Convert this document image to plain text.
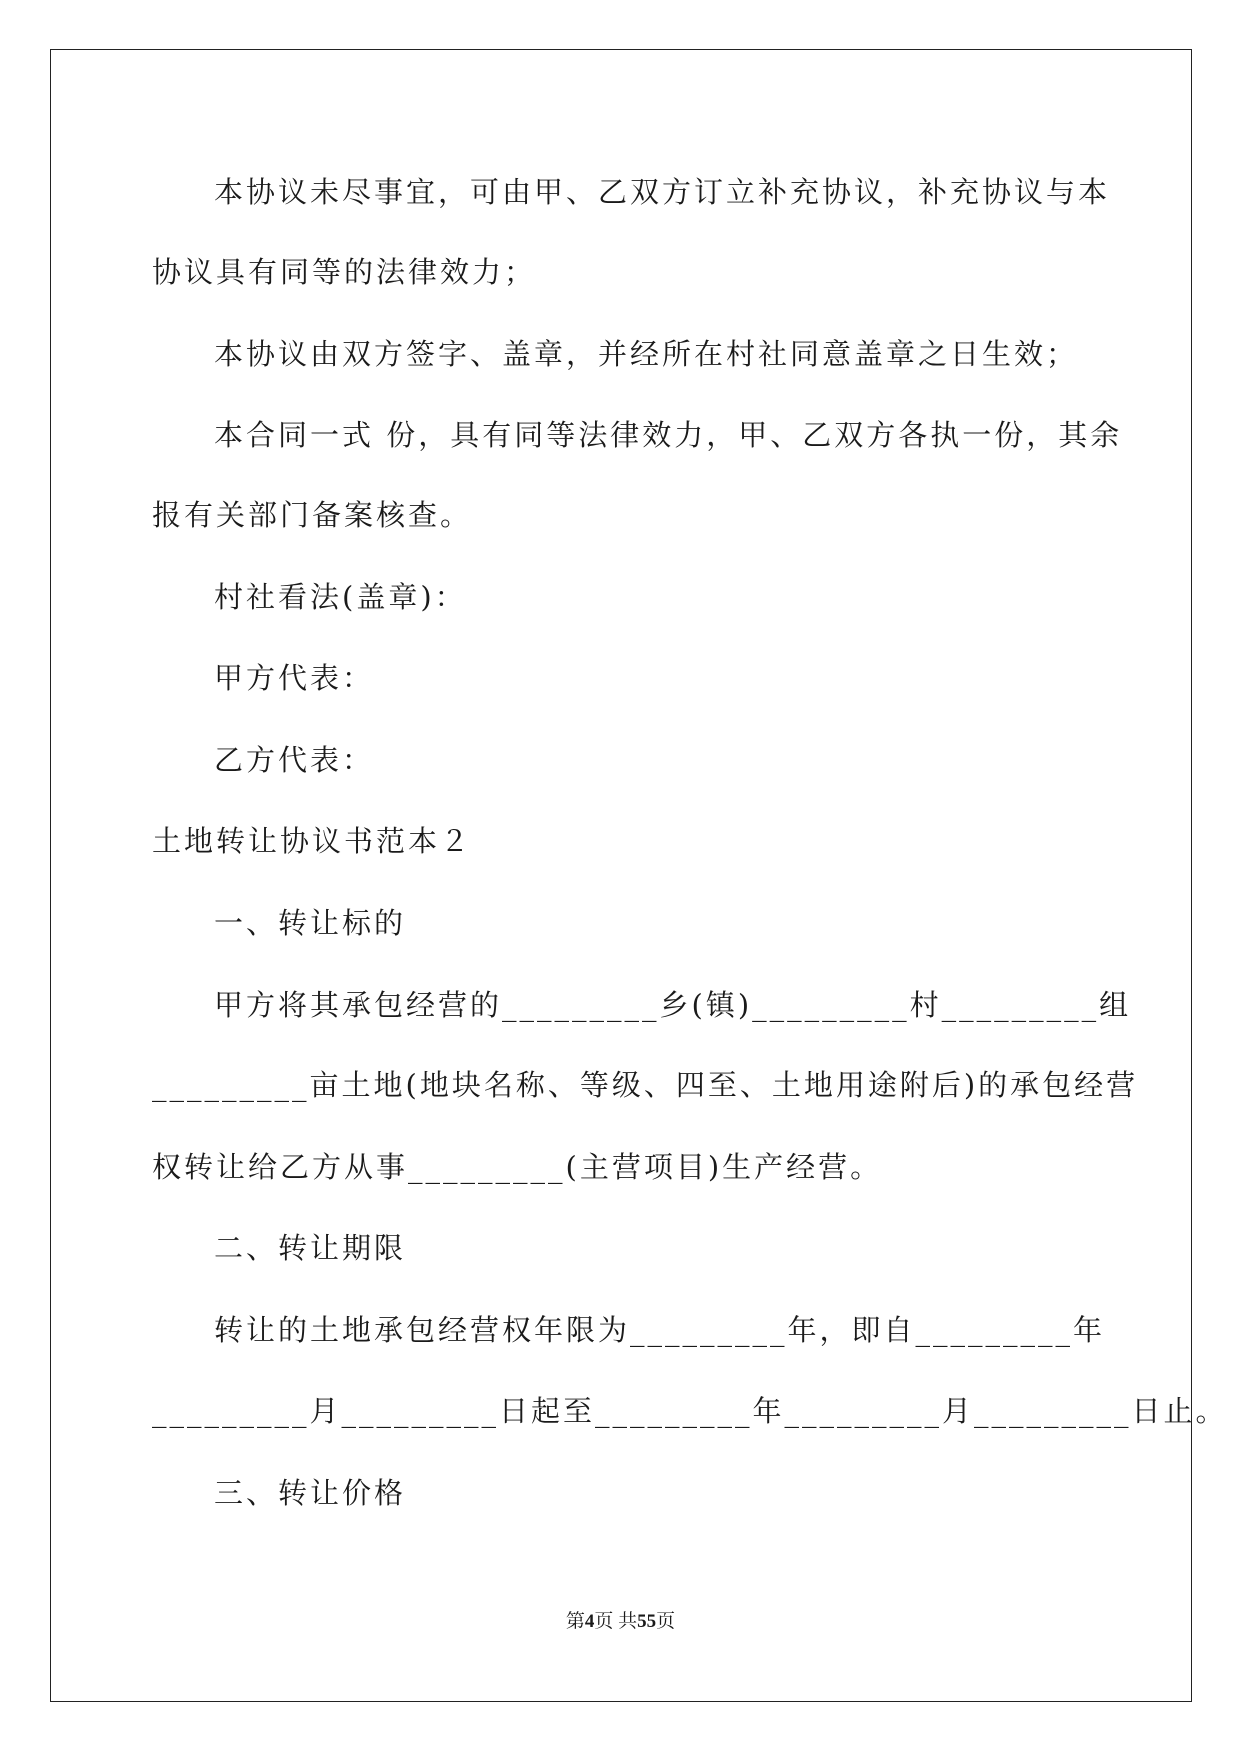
本协议未尽事宜，可由甲、乙双方订立补充协议，补充协议与本
协议具有同等的法律效力；
本协议由双方签字、盖章，并经所在村社同意盖章之日生效；
本合同一式 份，具有同等法律效力，甲、乙双方各执一份，其余
报有关部门备案核查。
村社看法(盖章)：
甲方代表：
乙方代表：
土地转让协议书范本２
一、转让标的
甲方将其承包经营的_________乡(镇)_________村_________组
_________亩土地(地块名称、等级、四至、土地用途附后)的承包经营
权转让给乙方从事_________(主营项目)生产经营。
二、转让期限
转让的土地承包经营权年限为_________年，即自_________年
_________月_________日起至_________年_________月_________日止。
三、转让价格
第4页 共55页
